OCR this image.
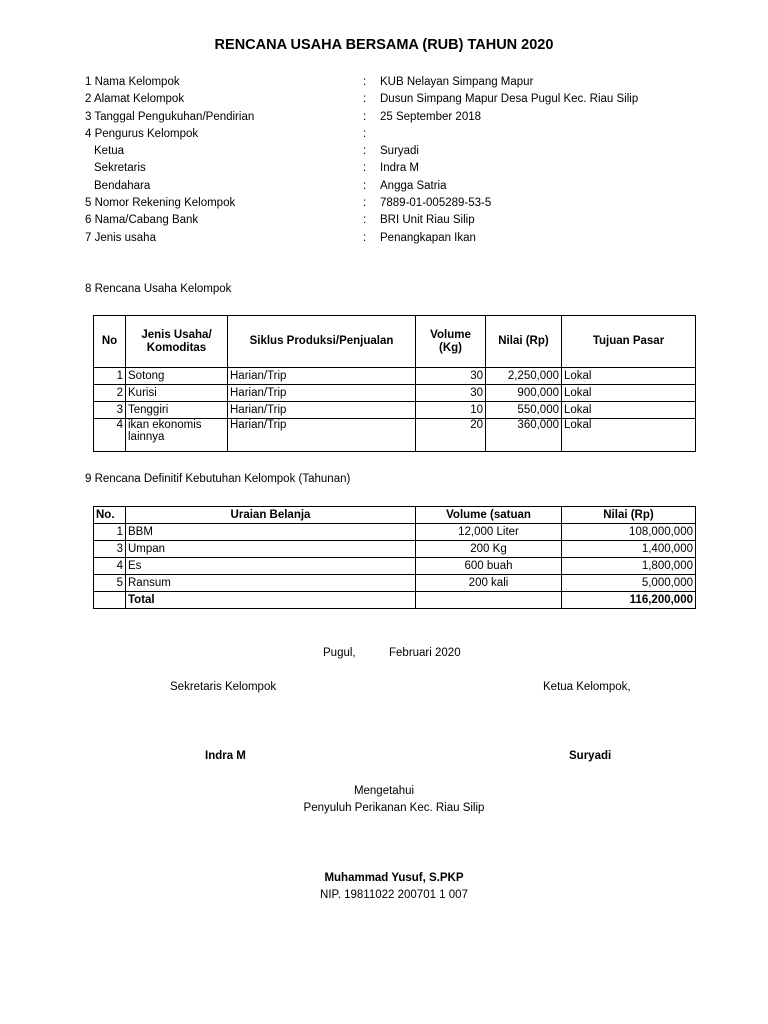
RENCANA USAHA BERSAMA (RUB) TAHUN 2020
1 Nama Kelompok	: KUB Nelayan Simpang Mapur
2 Alamat Kelompok	: Dusun Simpang Mapur Desa Pugul Kec. Riau Silip
3 Tanggal Pengukuhan/Pendirian	: 25 September 2018
4 Pengurus Kelompok	:
Ketua	: Suryadi
Sekretaris	: Indra M
Bendahara	: Angga Satria
5 Nomor Rekening Kelompok	: 7889-01-005289-53-5
6 Nama/Cabang Bank	: BRI Unit Riau Silip
7 Jenis usaha	: Penangkapan Ikan
8 Rencana Usaha Kelompok
No	Jenis Usaha/ Komoditas	Siklus Produksi/Penjualan	Volume (Kg)	Nilai (Rp)	Tujuan Pasar
1	Sotong	Harian/Trip	30	2,250,000	Lokal
2	Kurisi	Harian/Trip	30	900,000	Lokal
3	Tenggiri	Harian/Trip	10	550,000	Lokal
4	ikan ekonomis lainnya	Harian/Trip	20	360,000	Lokal
9 Rencana Definitif Kebutuhan Kelompok (Tahunan)
No.	Uraian Belanja	Volume (satuan	Nilai (Rp)
1	BBM	12,000 Liter	108,000,000
3	Umpan	200 Kg	1,400,000
4	Es	600 buah	1,800,000
5	Ransum	200 kali	5,000,000
	Total		116,200,000
Pugul,	Februari 2020
Sekretaris Kelompok	Ketua Kelompok,
Indra M	Suryadi
Mengetahui
Penyuluh Perikanan Kec. Riau Silip
Muhammad Yusuf, S.PKP
NIP. 19811022 200701 1 007
